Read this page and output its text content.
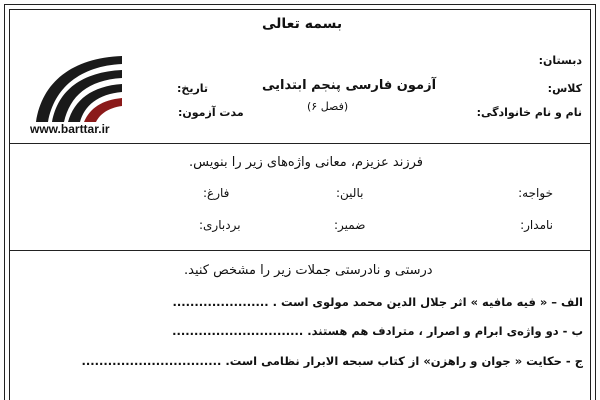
بسمه تعالی
دبستان:
کلاس:
نام و نام خانوادگی:
آزمون فارسی پنجم ابتدایی
(فصل ۶)
تاریخ:
مدت آزمون:
www.barttar.ir
فرزند عزیزم، معانی واژه‌های زیر را بنویس.
خواجه:
بالین:
فارغ:
نامدار:
ضمیر:
بردباری:
درستی و نادرستی جملات زیر را مشخص کنید.
الف – « فیه مافیه » اثر جلال الدین محمد مولوی است . ......................
ب - دو واژه‌ی ابرام و اصرار ، مترادف هم هستند. ..............................
ج - حکایت « جوان و راهزن» از کتاب سبحه الابرار نظامی است. ................................
